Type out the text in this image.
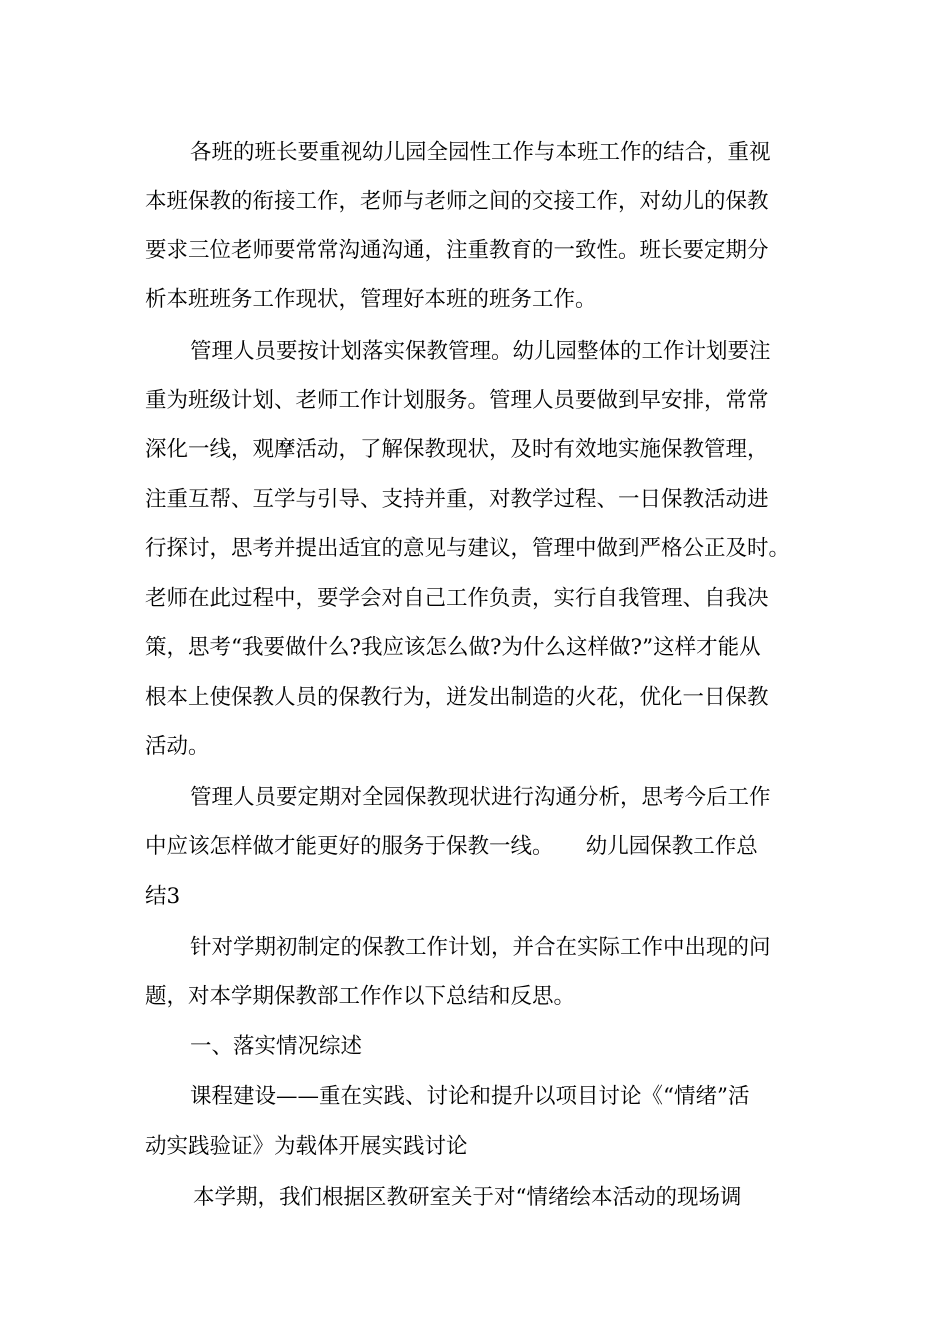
各班的班长要重视幼儿园全园性工作与本班工作的结合，重视
本班保教的衔接工作，老师与老师之间的交接工作，对幼儿的保教
要求三位老师要常常沟通沟通，注重教育的一致性。班长要定期分
析本班班务工作现状，管理好本班的班务工作。
管理人员要按计划落实保教管理。幼儿园整体的工作计划要注
重为班级计划、老师工作计划服务。管理人员要做到早安排，常常
深化一线，观摩活动，了解保教现状，及时有效地实施保教管理，
注重互帮、互学与引导、支持并重，对教学过程、一日保教活动进
行探讨，思考并提出适宜的意见与建议，管理中做到严格公正及时。
老师在此过程中，要学会对自己工作负责，实行自我管理、自我决
策，思考“我要做什么?我应该怎么做?为什么这样做?”这样才能从
根本上使保教人员的保教行为，迸发出制造的火花，优化一日保教
活动。
管理人员要定期对全园保教现状进行沟通分析，思考今后工作
中应该怎样做才能更好的服务于保教一线。　　幼儿园保教工作总
结3
针对学期初制定的保教工作计划，并合在实际工作中出现的问
题，对本学期保教部工作作以下总结和反思。
一、落实情况综述
课程建设——重在实践、讨论和提升以项目讨论《“情绪”活
动实践验证》为载体开展实践讨论
本学期，我们根据区教研室关于对“情绪绘本活动的现场调
